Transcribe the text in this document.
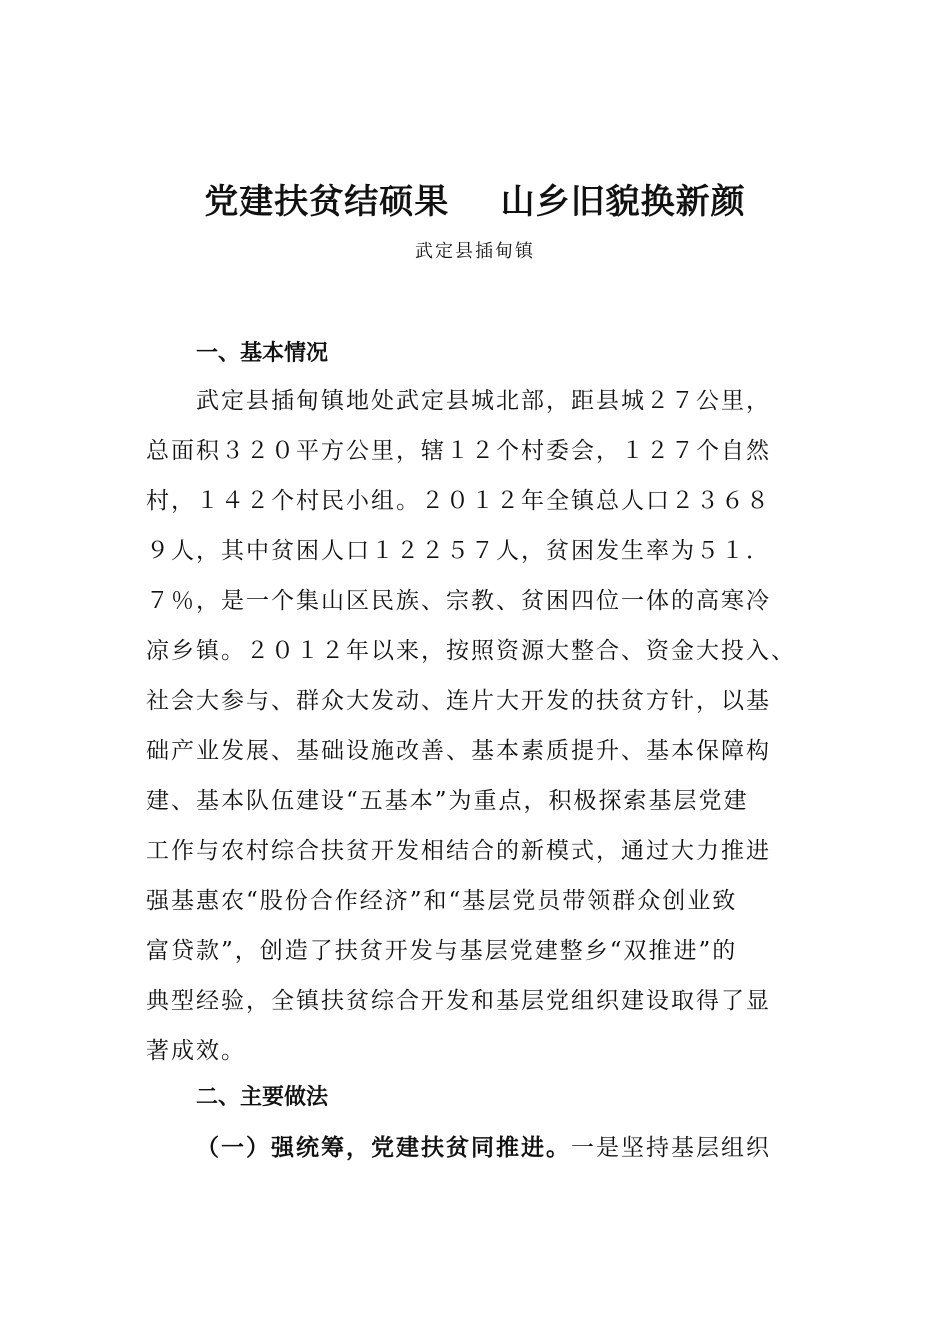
党建扶贫结硕果    山乡旧貌换新颜
武定县插甸镇
一、基本情况

武定县插甸镇地处武定县城北部，距县城２７公里，
总面积３２０平方公里，辖１２个村委会，１２７个自然
村，１４２个村民小组。２０１２年全镇总人口２３６８
９人，其中贫困人口１２２５７人，贫困发生率为５１．
７％，是一个集山区民族、宗教、贫困四位一体的高寒冷
凉乡镇。２０１２年以来，按照资源大整合、资金大投入、
社会大参与、群众大发动、连片大开发的扶贫方针，以基
础产业发展、基础设施改善、基本素质提升、基本保障构
建、基本队伍建设“五基本”为重点，积极探索基层党建
工作与农村综合扶贫开发相结合的新模式，通过大力推进
强基惠农“股份合作经济”和“基层党员带领群众创业致
富贷款”，创造了扶贫开发与基层党建整乡“双推进”的
典型经验，全镇扶贫综合开发和基层党组织建设取得了显
著成效。

二、主要做法

（一）强统筹，党建扶贫同推进。一是坚持基层组织
